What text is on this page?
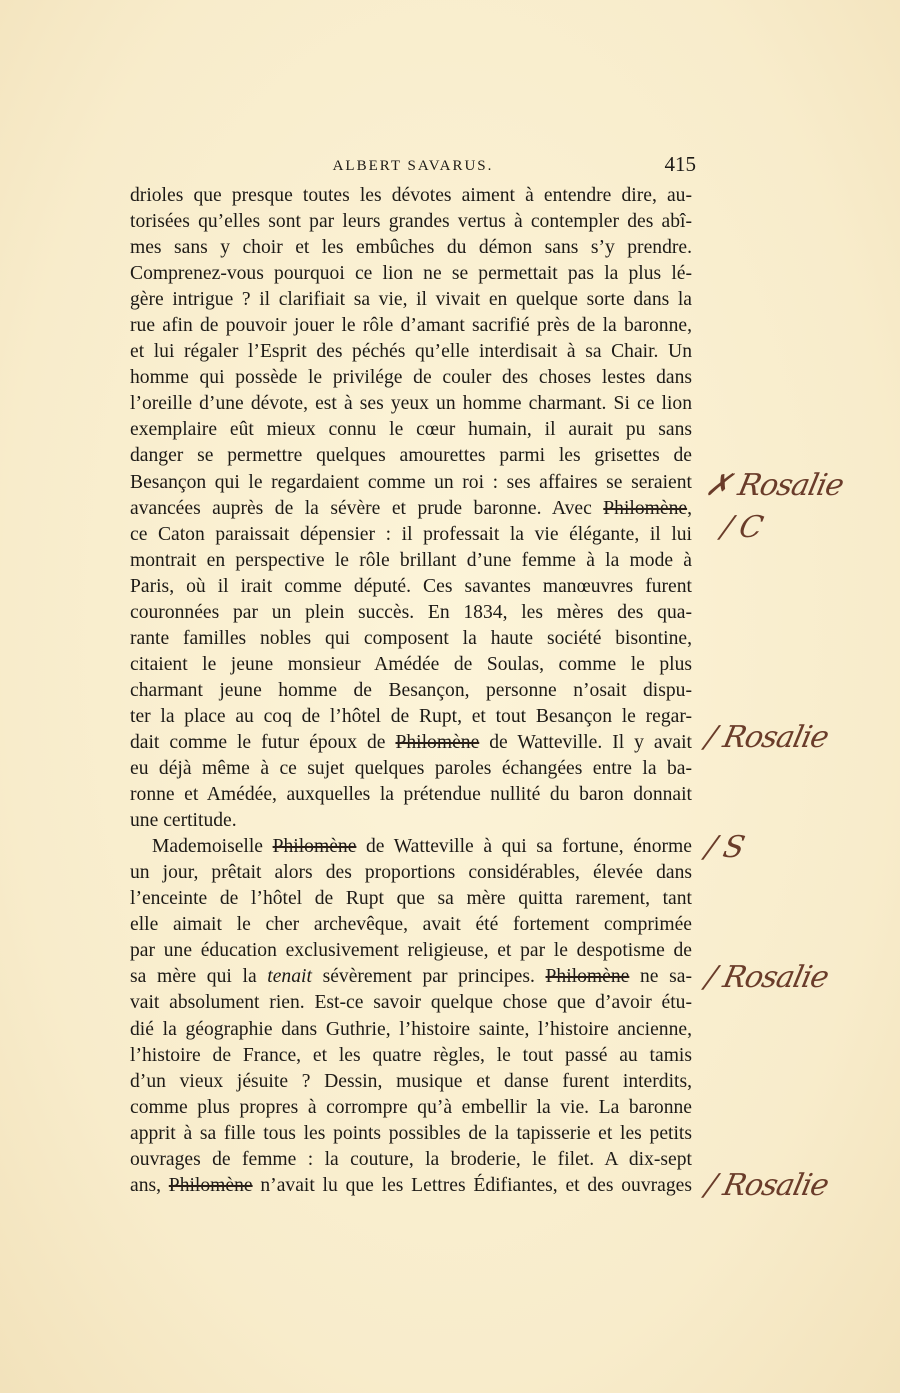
ALBERT SAVARUS.	415
drioles que presque toutes les dévotes aiment à entendre dire, au-
torisées qu’elles sont par leurs grandes vertus à contempler des abî-
mes sans y choir et les embûches du démon sans s’y prendre.
Comprenez-vous pourquoi ce lion ne se permettait pas la plus lé-
gère intrigue ? il clarifiait sa vie, il vivait en quelque sorte dans la
rue afin de pouvoir jouer le rôle d’amant sacrifié près de la baronne,
et lui régaler l’Esprit des péchés qu’elle interdisait à sa Chair. Un
homme qui possède le privilége de couler des choses lestes dans
l’oreille d’une dévote, est à ses yeux un homme charmant. Si ce lion
exemplaire eût mieux connu le cœur humain, il aurait pu sans
danger se permettre quelques amourettes parmi les grisettes de
Besançon qui le regardaient comme un roi : ses affaires se seraient
avancées auprès de la sévère et prude baronne. Avec Philomène,
ce Caton paraissait dépensier : il professait la vie élégante, il lui
montrait en perspective le rôle brillant d’une femme à la mode à
Paris, où il irait comme député. Ces savantes manœuvres furent
couronnées par un plein succès. En 1834, les mères des qua-
rante familles nobles qui composent la haute société bisontine,
citaient le jeune monsieur Amédée de Soulas, comme le plus
charmant jeune homme de Besançon, personne n’osait dispu-
ter la place au coq de l’hôtel de Rupt, et tout Besançon le regar-
dait comme le futur époux de Philomène de Watteville. Il y avait
eu déjà même à ce sujet quelques paroles échangées entre la ba-
ronne et Amédée, auxquelles la prétendue nullité du baron donnait
une certitude.
Mademoiselle Philomène de Watteville à qui sa fortune, énorme
un jour, prêtait alors des proportions considérables, élevée dans
l’enceinte de l’hôtel de Rupt que sa mère quitta rarement, tant
elle aimait le cher archevêque, avait été fortement comprimée
par une éducation exclusivement religieuse, et par le despotisme de
sa mère qui la tenait sévèrement par principes. Philomène ne sa-
vait absolument rien. Est-ce savoir quelque chose que d’avoir étu-
dié la géographie dans Guthrie, l’histoire sainte, l’histoire ancienne,
l’histoire de France, et les quatre règles, le tout passé au tamis
d’un vieux jésuite ? Dessin, musique et danse furent interdits,
comme plus propres à corrompre qu’à embellir la vie. La baronne
apprit à sa fille tous les points possibles de la tapisserie et les petits
ouvrages de femme : la couture, la broderie, le filet. A dix-sept
ans, Philomène n’avait lu que les Lettres Édifiantes, et des ouvrages
✗ Rosalie
/ C
/ Rosalie
/ S
/ Rosalie
/ Rosalie
